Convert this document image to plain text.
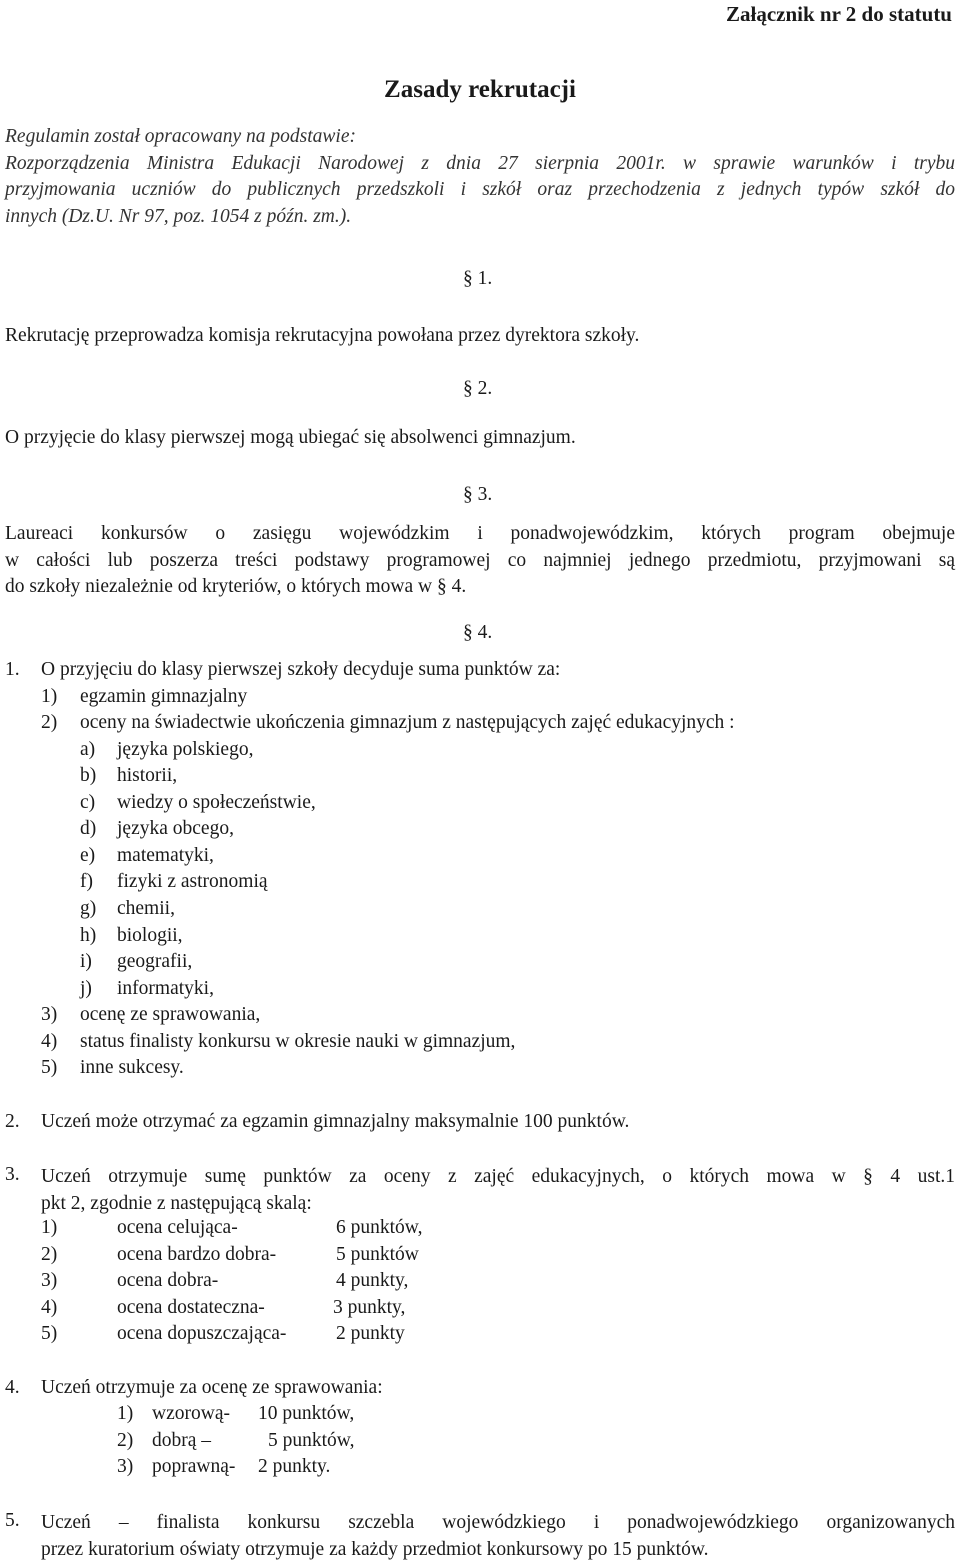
Załącznik nr 2 do statutu
Zasady rekrutacji
Regulamin został opracowany na podstawie:
Rozporządzenia Ministra Edukacji Narodowej z dnia 27 sierpnia 2001r. w sprawie warunków i trybu
przyjmowania uczniów do publicznych przedszkoli i szkół oraz przechodzenia z jednych typów szkół do
innych (Dz.U. Nr 97, poz. 1054 z późn. zm.).
§ 1.
Rekrutację przeprowadza komisja rekrutacyjna powołana przez dyrektora szkoły.
§ 2.
O przyjęcie do klasy pierwszej mogą ubiegać się absolwenci gimnazjum.
§ 3.
Laureaci konkursów o zasięgu wojewódzkim i ponadwojewódzkim, których program obejmuje
w całości lub poszerza treści podstawy programowej co najmniej jednego przedmiotu, przyjmowani są
do szkoły niezależnie od kryteriów, o których mowa w § 4.
§ 4.
1. O przyjęciu do klasy pierwszej szkoły decyduje suma punktów za:
1) egzamin gimnazjalny
2) oceny na świadectwie ukończenia gimnazjum z następujących zajęć edukacyjnych :
a) języka polskiego,
b) historii,
c) wiedzy o społeczeństwie,
d) języka obcego,
e) matematyki,
f) fizyki z astronomią
g) chemii,
h) biologii,
i) geografii,
j) informatyki,
3) ocenę ze sprawowania,
4) status finalisty konkursu w okresie nauki w gimnazjum,
5) inne sukcesy.
2. Uczeń może otrzymać za egzamin gimnazjalny maksymalnie 100 punktów.
3. Uczeń otrzymuje sumę punktów za oceny z zajęć edukacyjnych, o których mowa w § 4 ust.1
pkt 2, zgodnie z następującą skalą:
1)	ocena celująca-	6 punktów,
2)	ocena bardzo dobra-	5 punktów
3)	ocena dobra-	4 punkty,
4)	ocena dostateczna-	3 punkty,
5)	ocena dopuszczająca-	2 punkty
4. Uczeń otrzymuje za ocenę ze sprawowania:
1) wzorową- 10 punktów,
2) dobrą –	5 punktów,
3) poprawną- 2 punkty.
5. Uczeń – finalista konkursu szczebla wojewódzkiego i ponadwojewódzkiego organizowanych
przez kuratorium oświaty otrzymuje za każdy przedmiot konkursowy po 15 punktów.
